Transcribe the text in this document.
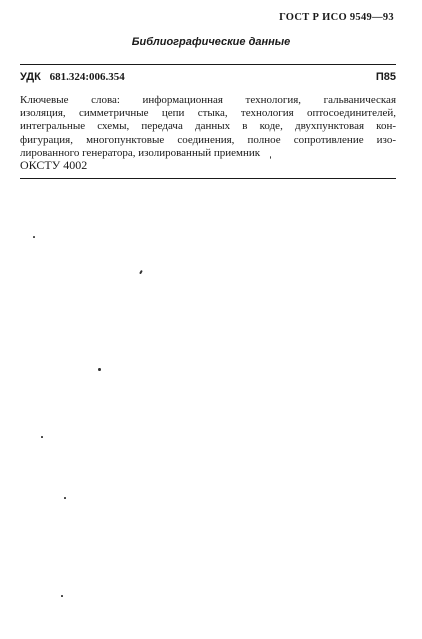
ГОСТ Р ИСО 9549—93
Библиографические данные
УДК 681.324:006.354	П85
Ключевые слова: информационная технология, гальваническая
изоляция, симметричные цепи стыка, технология оптосоединителей,
интегральные схемы, передача данных в коде, двухпунктовая кон-
фигурация, многопунктовые соединения, полное сопротивление изо-
лированного генератора, изолированный приемник
ОКСТУ 4002
